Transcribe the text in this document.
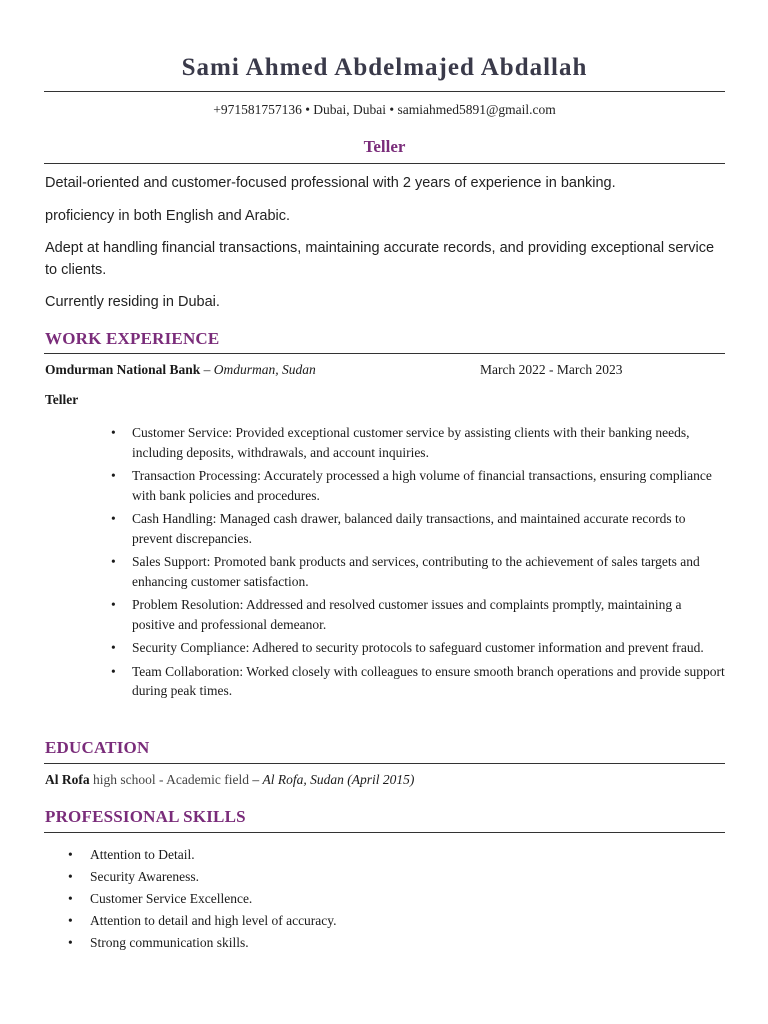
Sami Ahmed Abdelmajed Abdallah
+971581757136 • Dubai, Dubai • samiahmed5891@gmail.com
Teller
Detail-oriented and customer-focused professional with 2 years of experience in banking.
proficiency in both English and Arabic.
Adept at handling financial transactions, maintaining accurate records, and providing exceptional service to clients.
Currently residing in Dubai.
WORK EXPERIENCE
Omdurman National Bank – Omdurman, Sudan	March 2022 - March 2023
Teller
• Customer Service: Provided exceptional customer service by assisting clients with their banking needs, including deposits, withdrawals, and account inquiries.
• Transaction Processing: Accurately processed a high volume of financial transactions, ensuring compliance with bank policies and procedures.
• Cash Handling: Managed cash drawer, balanced daily transactions, and maintained accurate records to prevent discrepancies.
• Sales Support: Promoted bank products and services, contributing to the achievement of sales targets and enhancing customer satisfaction.
• Problem Resolution: Addressed and resolved customer issues and complaints promptly, maintaining a positive and professional demeanor.
• Security Compliance: Adhered to security protocols to safeguard customer information and prevent fraud.
• Team Collaboration: Worked closely with colleagues to ensure smooth branch operations and provide support during peak times.
EDUCATION
Al Rofa high school - Academic field – Al Rofa, Sudan (April 2015)
PROFESSIONAL SKILLS
• Attention to Detail.
• Security Awareness.
• Customer Service Excellence.
• Attention to detail and high level of accuracy.
• Strong communication skills.
